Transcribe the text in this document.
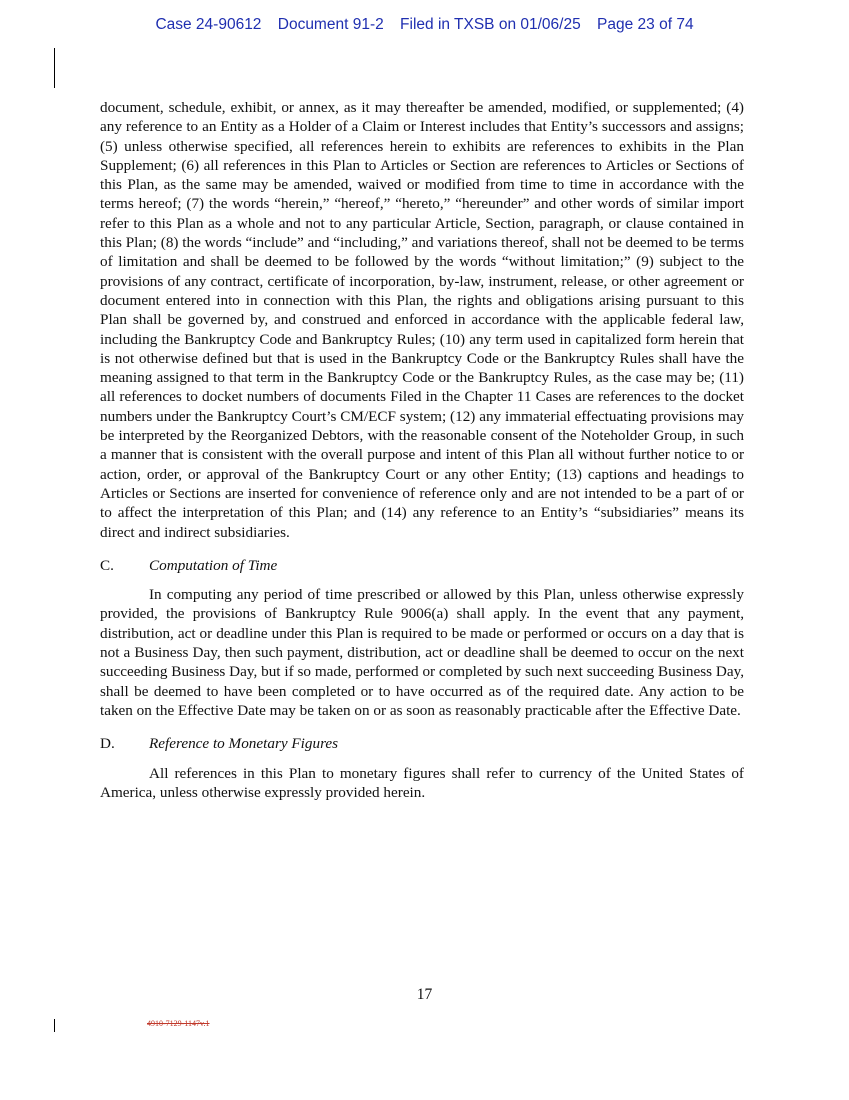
Case 24-90612 Document 91-2 Filed in TXSB on 01/06/25 Page 23 of 74

document, schedule, exhibit, or annex, as it may thereafter be amended, modified, or supplemented; (4) any reference to an Entity as a Holder of a Claim or Interest includes that Entity’s successors and assigns; (5) unless otherwise specified, all references herein to exhibits are references to exhibits in the Plan Supplement; (6) all references in this Plan to Articles or Section are references to Articles or Sections of this Plan, as the same may be amended, waived or modified from time to time in accordance with the terms hereof; (7) the words “herein,” “hereof,” “hereto,” “hereunder” and other words of similar import refer to this Plan as a whole and not to any particular Article, Section, paragraph, or clause contained in this Plan; (8) the words “include” and “including,” and variations thereof, shall not be deemed to be terms of limitation and shall be deemed to be followed by the words “without limitation;” (9) subject to the provisions of any contract, certificate of incorporation, by-law, instrument, release, or other agreement or document entered into in connection with this Plan, the rights and obligations arising pursuant to this Plan shall be governed by, and construed and enforced in accordance with the applicable federal law, including the Bankruptcy Code and Bankruptcy Rules; (10) any term used in capitalized form herein that is not otherwise defined but that is used in the Bankruptcy Code or the Bankruptcy Rules shall have the meaning assigned to that term in the Bankruptcy Code or the Bankruptcy Rules, as the case may be; (11) all references to docket numbers of documents Filed in the Chapter 11 Cases are references to the docket numbers under the Bankruptcy Court’s CM/ECF system; (12) any immaterial effectuating provisions may be interpreted by the Reorganized Debtors, with the reasonable consent of the Noteholder Group, in such a manner that is consistent with the overall purpose and intent of this Plan all without further notice to or action, order, or approval of the Bankruptcy Court or any other Entity; (13) captions and headings to Articles or Sections are inserted for convenience of reference only and are not intended to be a part of or to affect the interpretation of this Plan; and (14) any reference to an Entity’s “subsidiaries” means its direct and indirect subsidiaries.

C.	Computation of Time

In computing any period of time prescribed or allowed by this Plan, unless otherwise expressly provided, the provisions of Bankruptcy Rule 9006(a) shall apply. In the event that any payment, distribution, act or deadline under this Plan is required to be made or performed or occurs on a day that is not a Business Day, then such payment, distribution, act or deadline shall be deemed to occur on the next succeeding Business Day, but if so made, performed or completed by such next succeeding Business Day, shall be deemed to have been completed or to have occurred as of the required date. Any action to be taken on the Effective Date may be taken on or as soon as reasonably practicable after the Effective Date.

D.	Reference to Monetary Figures

All references in this Plan to monetary figures shall refer to currency of the United States of America, unless otherwise expressly provided herein.

17
4910-7129-1147v.1
